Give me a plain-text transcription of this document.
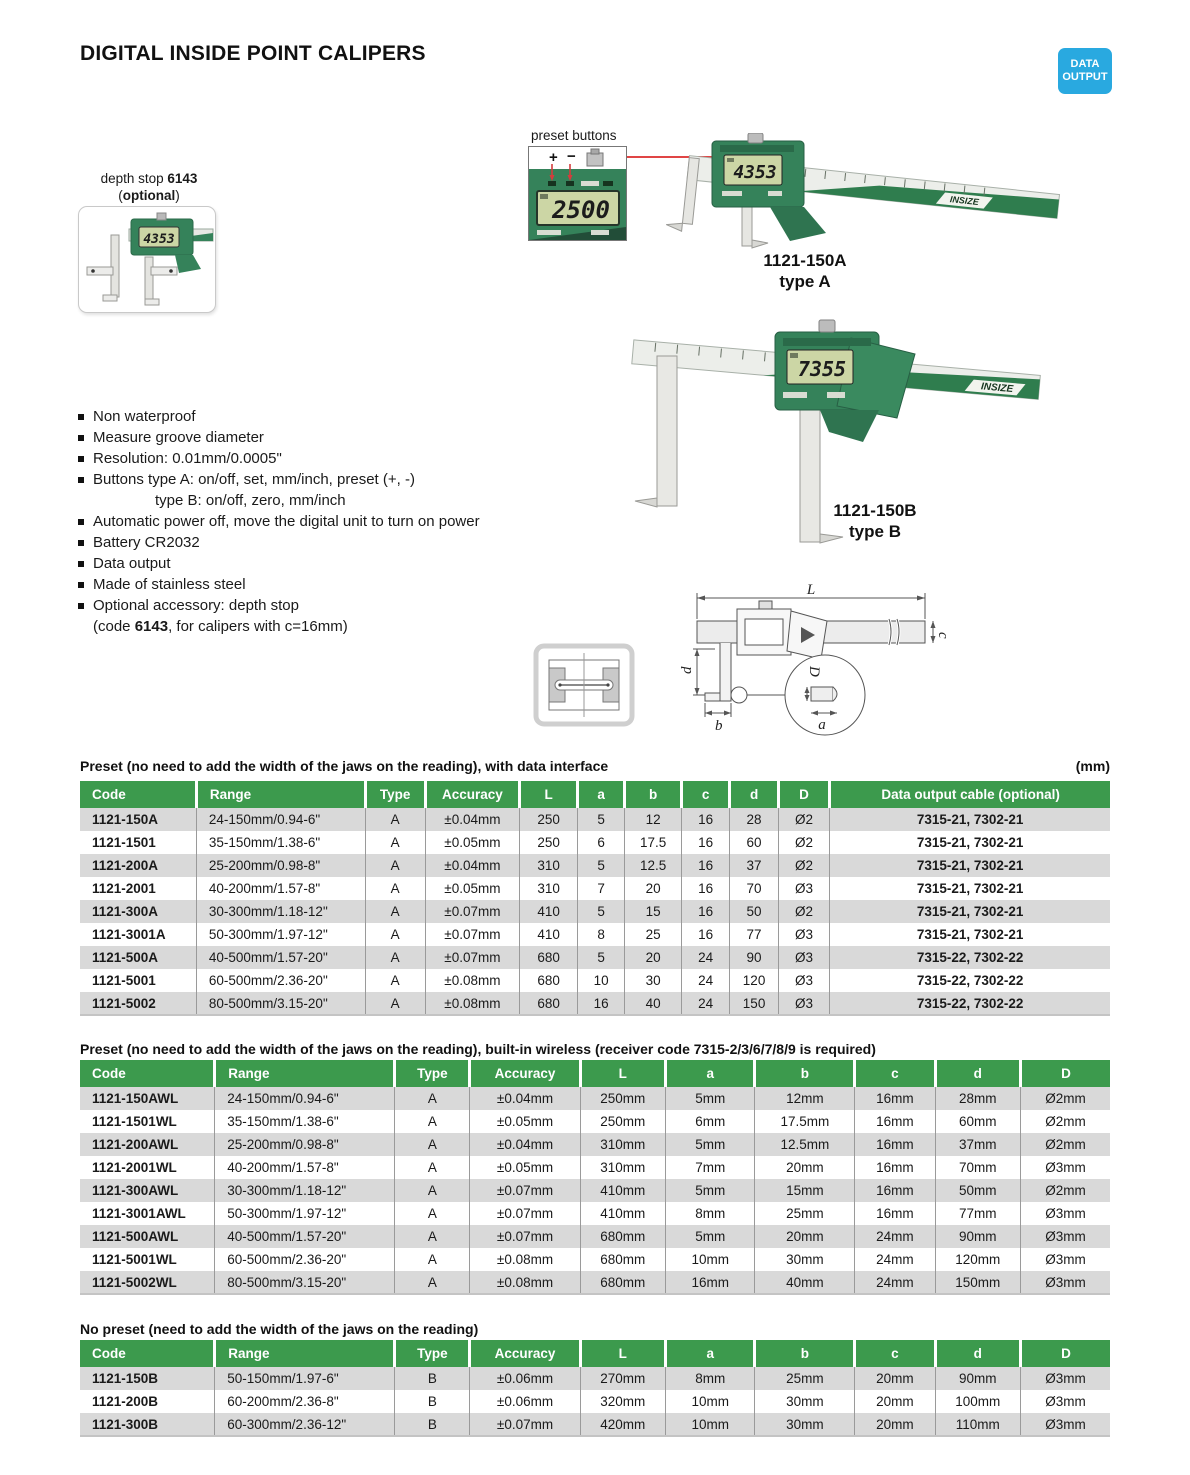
DIGITAL INSIDE POINT CALIPERS	DATA
OUTPUT
depth stop 6143
(optional)
4353
preset buttons
+ −
2500	INSIZE
4353
1121-150A
type A
INSIZE
7355
1121-150B
type B
Non waterproof
Measure groove diameter
Resolution: 0.01mm/0.0005"
Buttons type A: on/off, set, mm/inch, preset (+, -)
type B: on/off, zero, mm/inch
Automatic power off, move the digital unit to turn on power
Battery CR2032
Data output
Made of stainless steel
Optional accessory: depth stop
(code 6143, for calipers with c=16mm)
L
c
d
b
D
a
Preset (no need to add the width of the jaws on the reading), with data interface	(mm)
Code	Range	Type	Accuracy	L	a	b	c	d	D	Data output cable (optional)
1121-150A	24-150mm/0.94-6"	A	±0.04mm	250	5	12	16	28	Ø2	7315-21, 7302-21
1121-1501	35-150mm/1.38-6"	A	±0.05mm	250	6	17.5	16	60	Ø2	7315-21, 7302-21
1121-200A	25-200mm/0.98-8"	A	±0.04mm	310	5	12.5	16	37	Ø2	7315-21, 7302-21
1121-2001	40-200mm/1.57-8"	A	±0.05mm	310	7	20	16	70	Ø3	7315-21, 7302-21
1121-300A	30-300mm/1.18-12"	A	±0.07mm	410	5	15	16	50	Ø2	7315-21, 7302-21
1121-3001A	50-300mm/1.97-12"	A	±0.07mm	410	8	25	16	77	Ø3	7315-21, 7302-21
1121-500A	40-500mm/1.57-20"	A	±0.07mm	680	5	20	24	90	Ø3	7315-22, 7302-22
1121-5001	60-500mm/2.36-20"	A	±0.08mm	680	10	30	24	120	Ø3	7315-22, 7302-22
1121-5002	80-500mm/3.15-20"	A	±0.08mm	680	16	40	24	150	Ø3	7315-22, 7302-22
Preset (no need to add the width of the jaws on the reading), built-in wireless (receiver code 7315-2/3/6/7/8/9 is required)
Code	Range	Type	Accuracy	L	a	b	c	d	D
1121-150AWL	24-150mm/0.94-6"	A	±0.04mm	250mm	5mm	12mm	16mm	28mm	Ø2mm
1121-1501WL	35-150mm/1.38-6"	A	±0.05mm	250mm	6mm	17.5mm	16mm	60mm	Ø2mm
1121-200AWL	25-200mm/0.98-8"	A	±0.04mm	310mm	5mm	12.5mm	16mm	37mm	Ø2mm
1121-2001WL	40-200mm/1.57-8"	A	±0.05mm	310mm	7mm	20mm	16mm	70mm	Ø3mm
1121-300AWL	30-300mm/1.18-12"	A	±0.07mm	410mm	5mm	15mm	16mm	50mm	Ø2mm
1121-3001AWL	50-300mm/1.97-12"	A	±0.07mm	410mm	8mm	25mm	16mm	77mm	Ø3mm
1121-500AWL	40-500mm/1.57-20"	A	±0.07mm	680mm	5mm	20mm	24mm	90mm	Ø3mm
1121-5001WL	60-500mm/2.36-20"	A	±0.08mm	680mm	10mm	30mm	24mm	120mm	Ø3mm
1121-5002WL	80-500mm/3.15-20"	A	±0.08mm	680mm	16mm	40mm	24mm	150mm	Ø3mm
No preset (need to add the width of the jaws on the reading)
Code	Range	Type	Accuracy	L	a	b	c	d	D
1121-150B	50-150mm/1.97-6"	B	±0.06mm	270mm	8mm	25mm	20mm	90mm	Ø3mm
1121-200B	60-200mm/2.36-8"	B	±0.06mm	320mm	10mm	30mm	20mm	100mm	Ø3mm
1121-300B	60-300mm/2.36-12"	B	±0.07mm	420mm	10mm	30mm	20mm	110mm	Ø3mm
